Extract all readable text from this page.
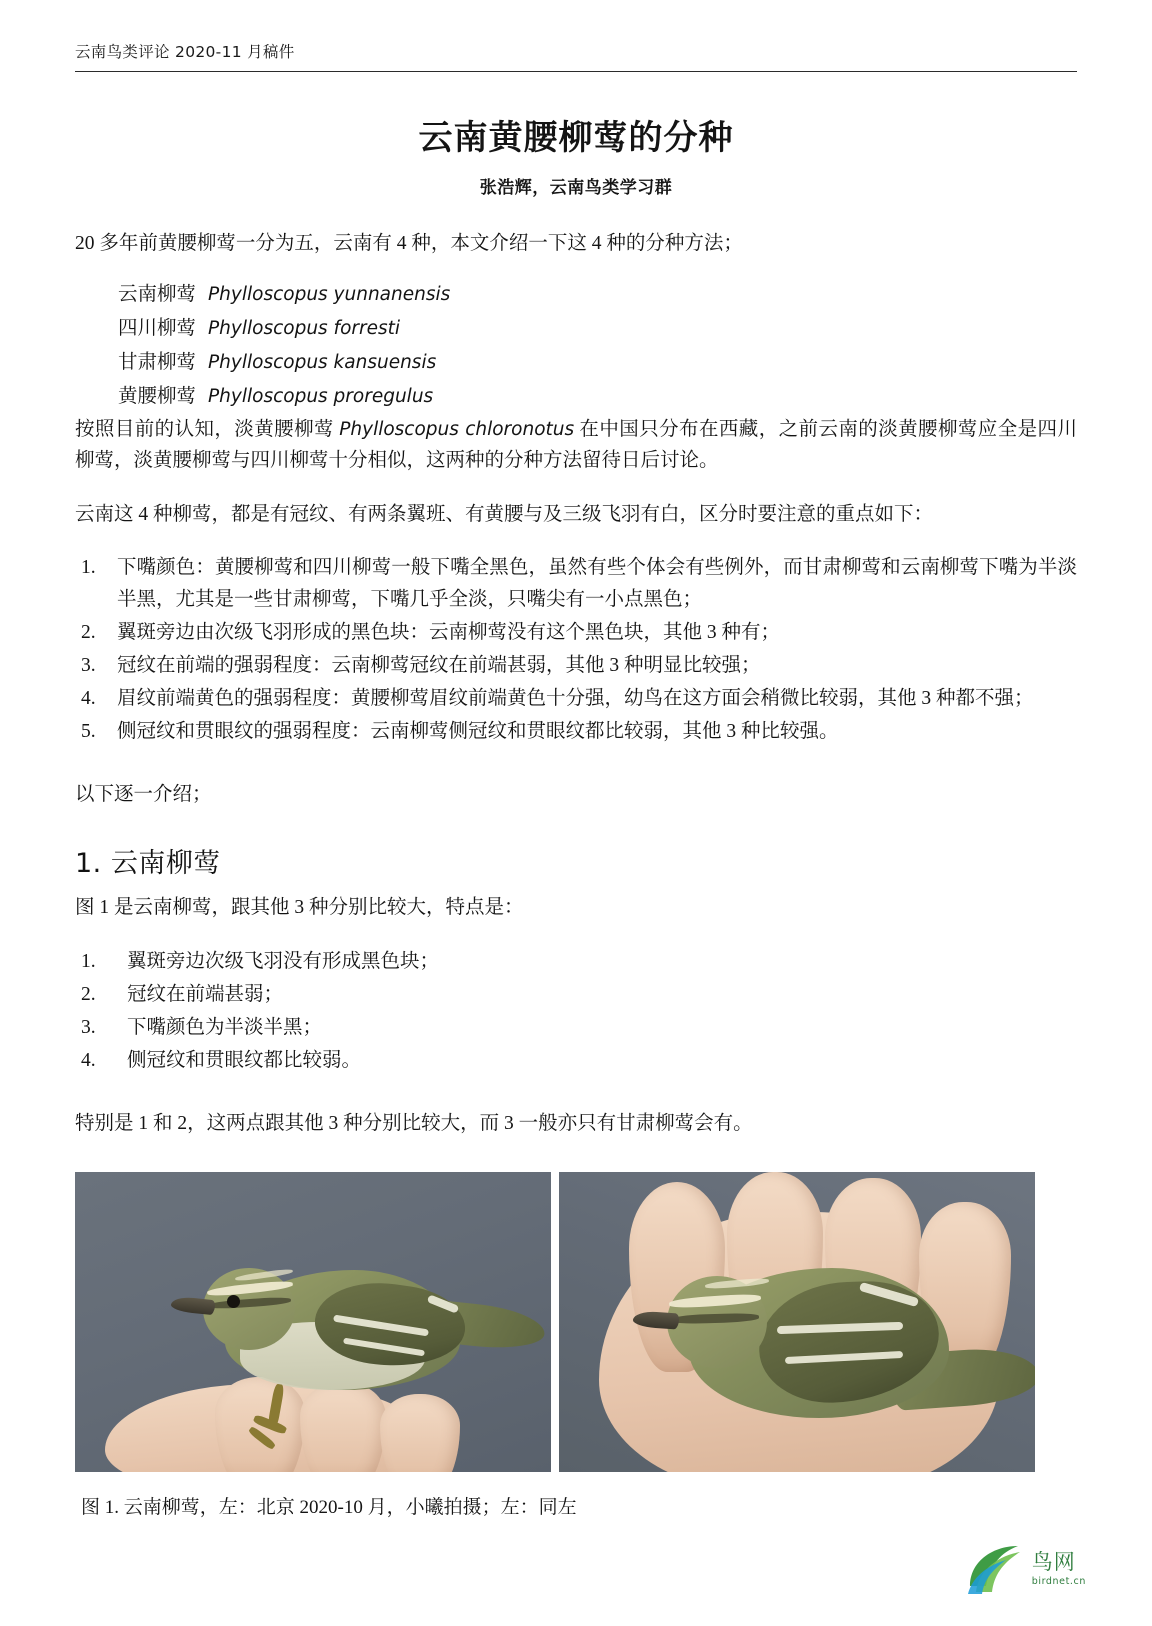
云南鸟类评论 2020-11 月稿件
云南黄腰柳莺的分种
张浩辉，云南鸟类学习群

20 多年前黄腰柳莺一分为五，云南有 4 种，本文介绍一下这 4 种的分种方法；

云南柳莺 Phylloscopus yunnanensis
四川柳莺 Phylloscopus forresti
甘肃柳莺 Phylloscopus kansuensis
黄腰柳莺 Phylloscopus proregulus

按照目前的认知，淡黄腰柳莺 Phylloscopus chloronotus 在中国只分布在西藏，之前云南的淡黄腰柳莺应全是四川柳莺，淡黄腰柳莺与四川柳莺十分相似，这两种的分种方法留待日后讨论。

云南这 4 种柳莺，都是有冠纹、有两条翼班、有黄腰与及三级飞羽有白，区分时要注意的重点如下：

1.	下嘴颜色：黄腰柳莺和四川柳莺一般下嘴全黑色，虽然有些个体会有些例外，而甘肃柳莺和云南柳莺下嘴为半淡半黑，尤其是一些甘肃柳莺，下嘴几乎全淡，只嘴尖有一小点黑色；
2.	翼斑旁边由次级飞羽形成的黑色块：云南柳莺没有这个黑色块，其他 3 种有；
3.	冠纹在前端的强弱程度：云南柳莺冠纹在前端甚弱，其他 3 种明显比较强；
4.	眉纹前端黄色的强弱程度：黄腰柳莺眉纹前端黄色十分强，幼鸟在这方面会稍微比较弱，其他 3 种都不强；
5.	侧冠纹和贯眼纹的强弱程度：云南柳莺侧冠纹和贯眼纹都比较弱，其他 3 种比较强。

以下逐一介绍；

1. 云南柳莺

图 1 是云南柳莺，跟其他 3 种分别比较大，特点是：

1.	翼斑旁边次级飞羽没有形成黑色块；
2.	冠纹在前端甚弱；
3.	下嘴颜色为半淡半黑；
4.	侧冠纹和贯眼纹都比较弱。

特别是 1 和 2，这两点跟其他 3 种分别比较大，而 3 一般亦只有甘肃柳莺会有。

图 1. 云南柳莺，左：北京 2020-10 月，小曦拍摄；左：同左
鸟网
birdnet.cn
